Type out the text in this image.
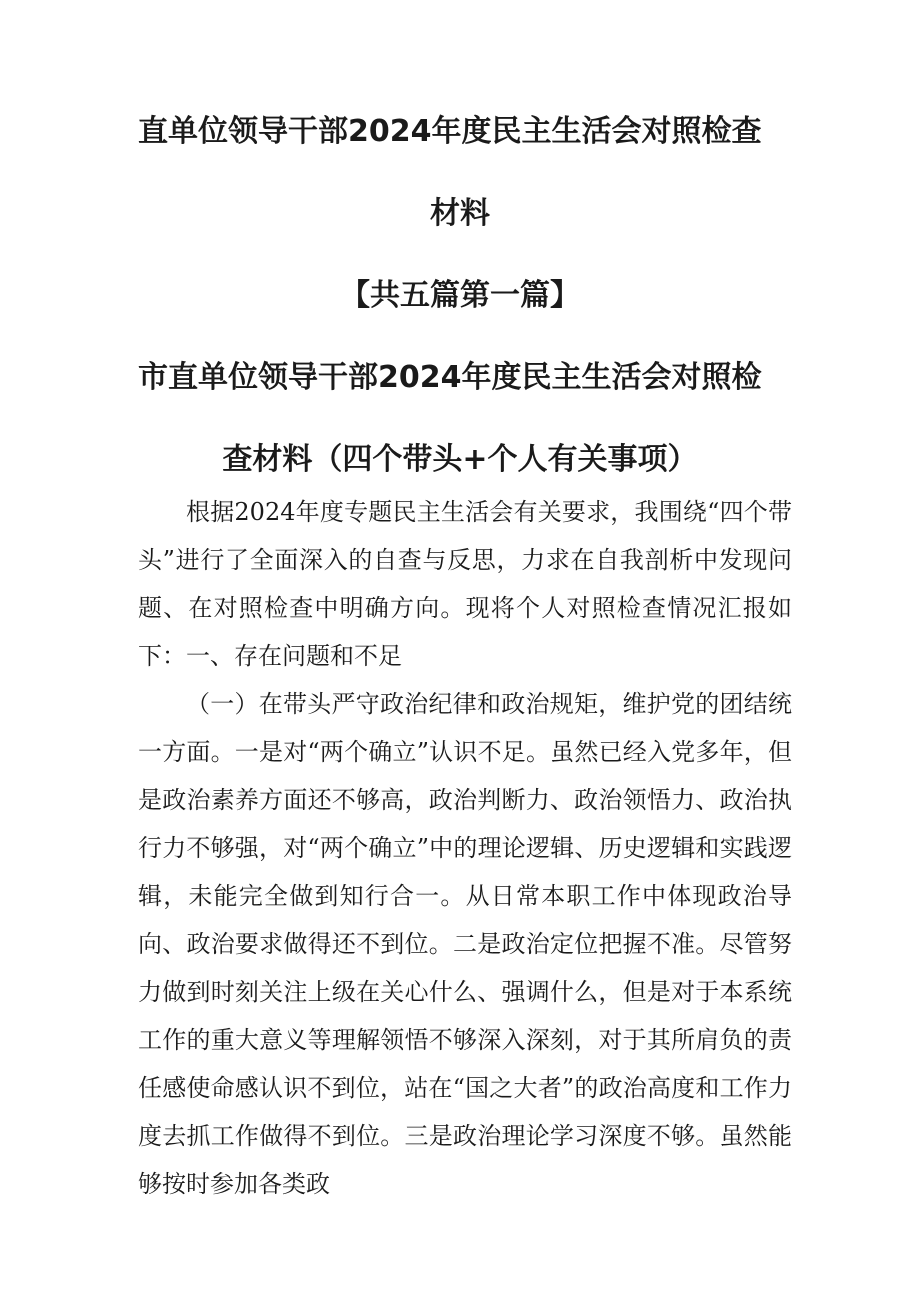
直单位领导干部2024年度民主生活会对照检查
材料
【共五篇第一篇】
市直单位领导干部2024年度民主生活会对照检
查材料（四个带头+个人有关事项）

根据2024年度专题民主生活会有关要求，我围绕“四个带头”进行了全面深入的自查与反思，力求在自我剖析中发现问题、在对照检查中明确方向。现将个人对照检查情况汇报如下： 一、存在问题和不足

（一）在带头严守政治纪律和政治规矩，维护党的团结统一方面。一是对“两个确立”认识不足。虽然已经入党多年，但是政治素养方面还不够高，政治判断力、政治领悟力、政治执行力不够强，对“两个确立”中的理论逻辑、历史逻辑和实践逻辑，未能完全做到知行合一。从日常本职工作中体现政治导向、政治要求做得还不到位。二是政治定位把握不准。尽管努力做到时刻关注上级在关心什么、强调什么，但是对于本系统工作的重大意义等理解领悟不够深入深刻，对于其所肩负的责任感使命感认识不到位，站在“国之大者”的政治高度和工作力度去抓工作做得不到位。三是政治理论学习深度不够。虽然能够按时参加各类政
